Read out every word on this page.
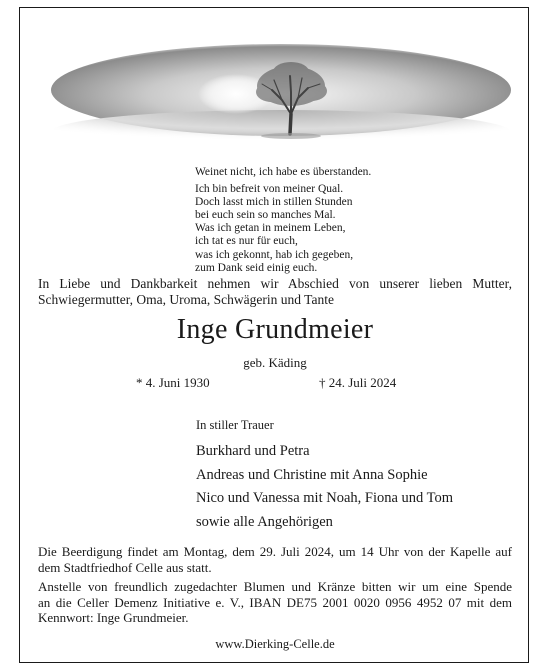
Weinet nicht, ich habe es überstanden.
Ich bin befreit von meiner Qual.
Doch lasst mich in stillen Stunden
bei euch sein so manches Mal.
Was ich getan in meinem Leben,
ich tat es nur für euch,
was ich gekonnt, hab ich gegeben,
zum Dank seid einig euch.
In Liebe und Dankbarkeit nehmen wir Abschied von unserer lieben Mutter,
Schwiegermutter, Oma, Uroma, Schwägerin und Tante
Inge Grundmeier
geb. Käding
* 4. Juni 1930	† 24. Juli 2024
In stiller Trauer
Burkhard und Petra
Andreas und Christine mit Anna Sophie
Nico und Vanessa mit Noah, Fiona und Tom
sowie alle Angehörigen

Die Beerdigung findet am Montag, dem 29. Juli 2024, um 14 Uhr von der Kapelle auf

dem Stadtfriedhof Celle aus statt.

Anstelle von freundlich zugedachter Blumen und Kränze bitten wir um eine Spende

an die Celler Demenz Initiative e. V., IBAN DE75 2001 0020 0956 4952 07 mit dem

Kennwort: Inge Grundmeier.

www.Dierking-Celle.de
